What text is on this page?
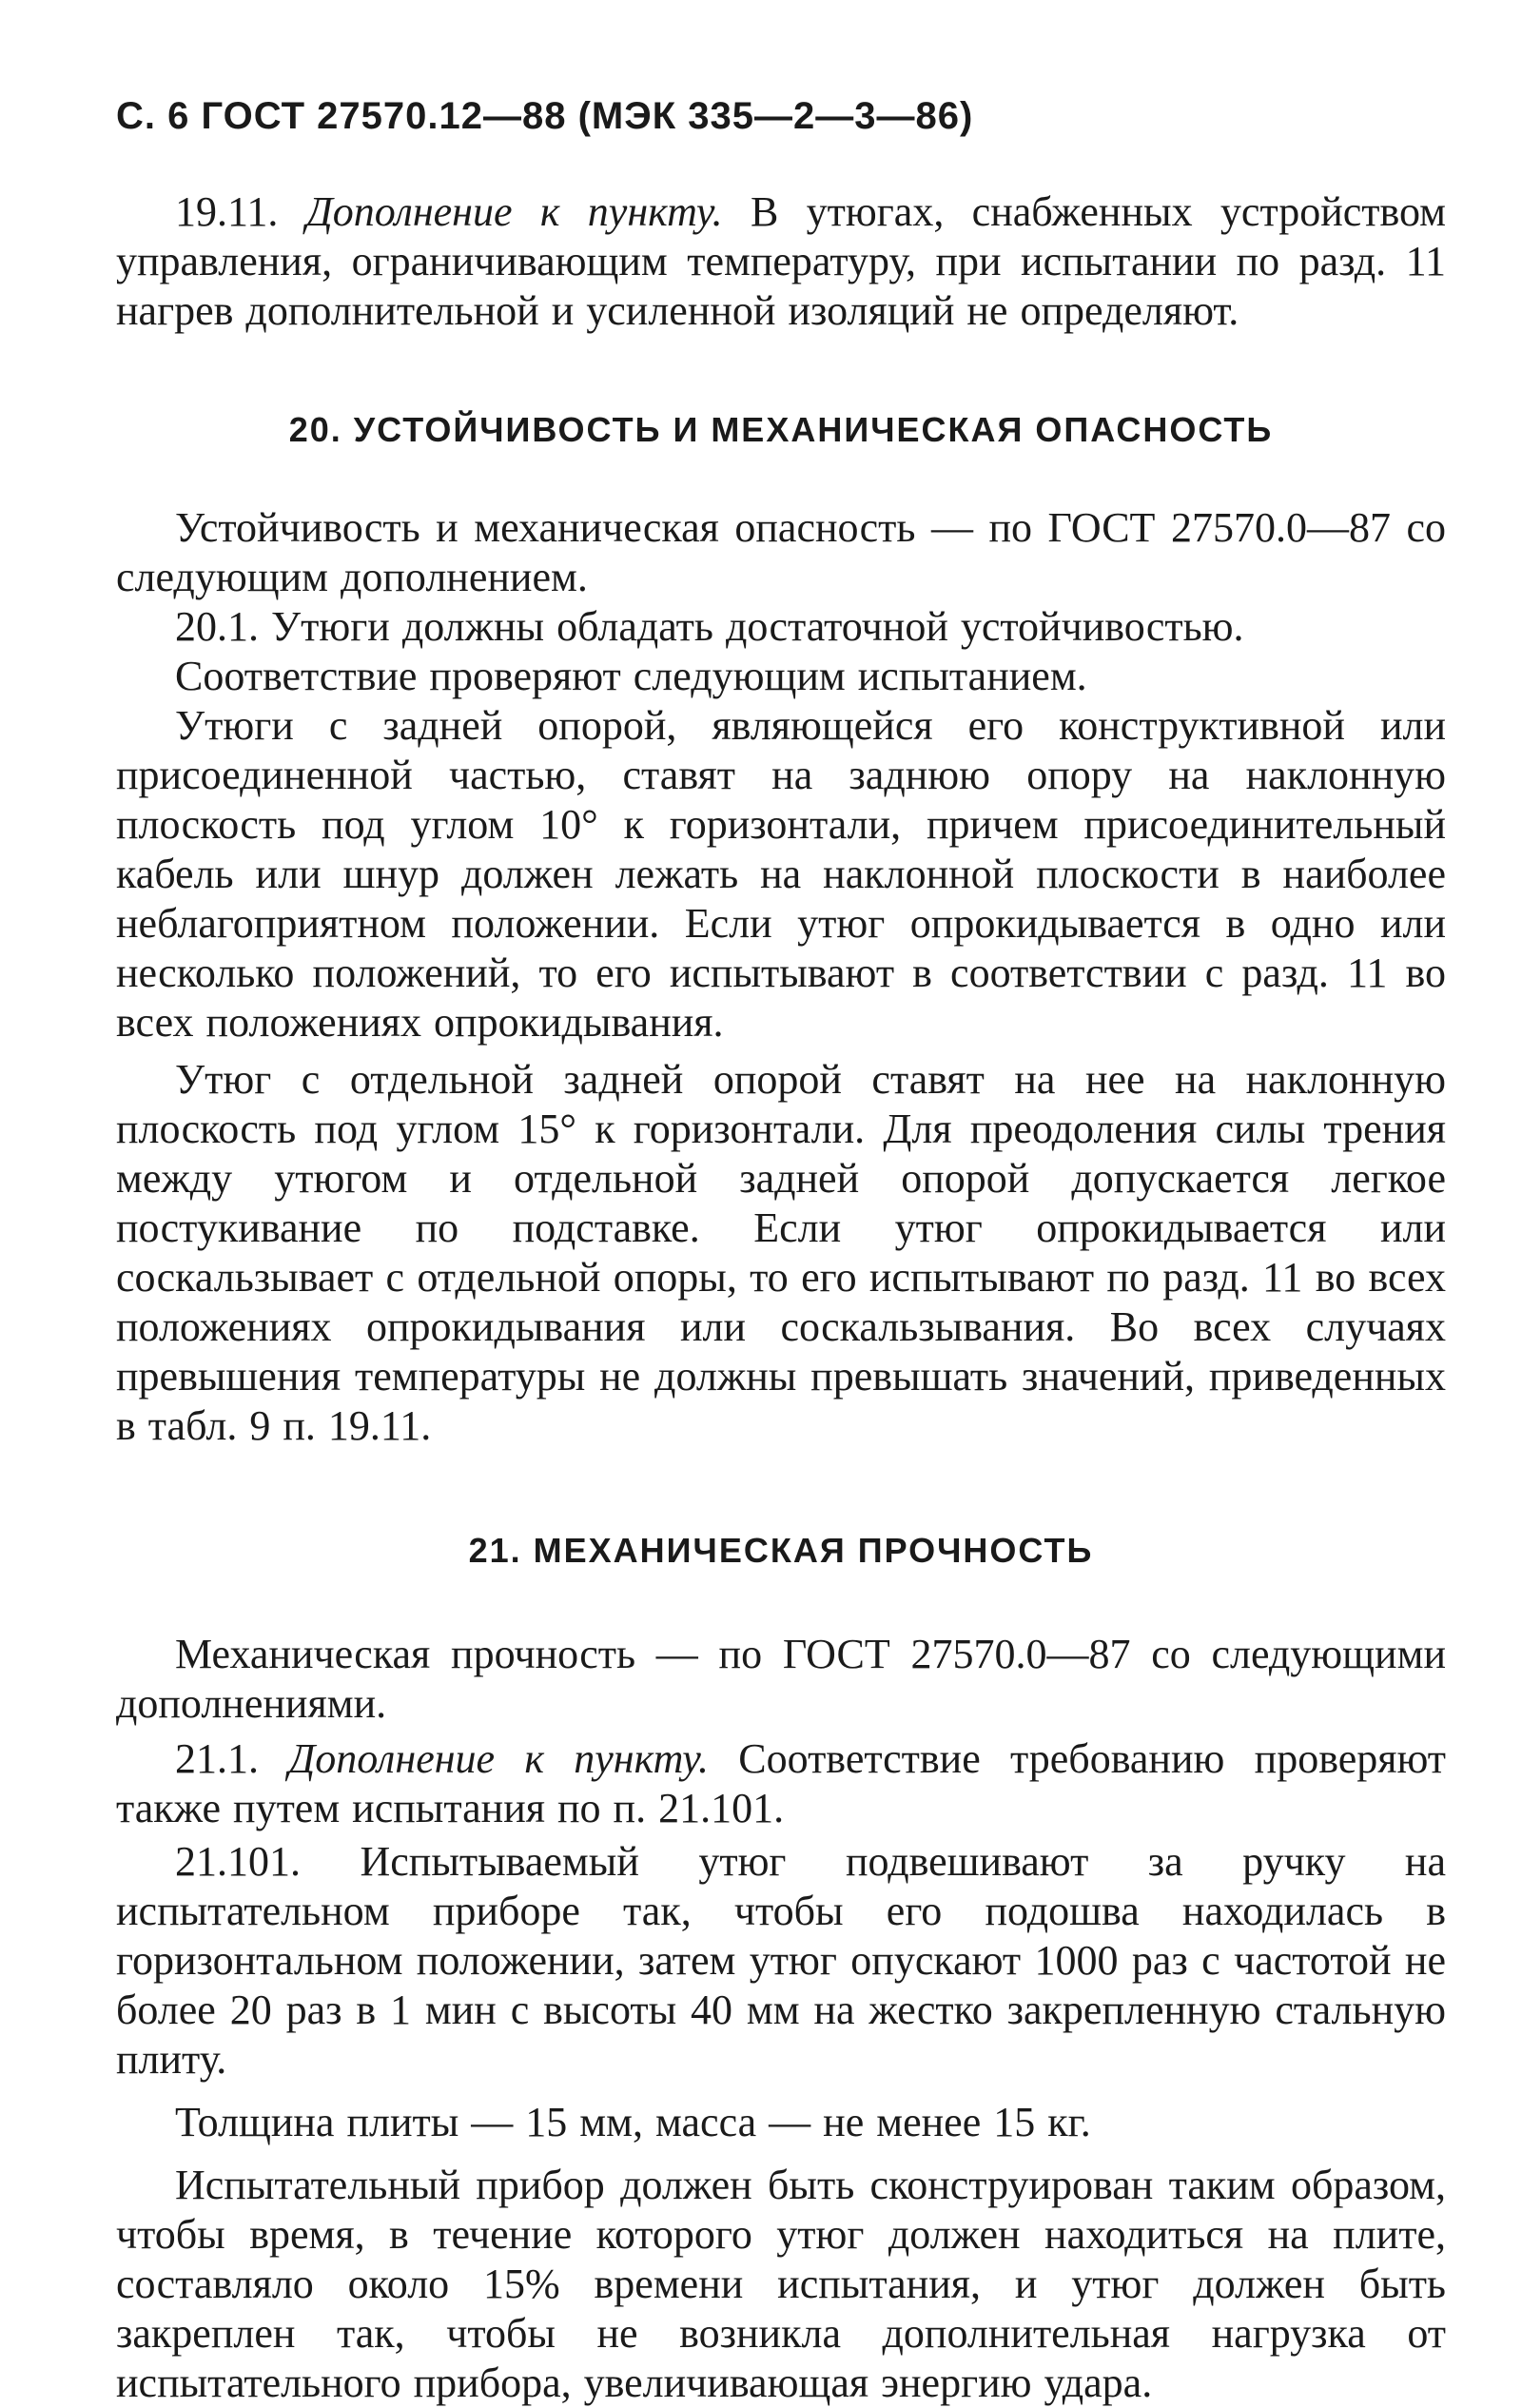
С. 6 ГОСТ 27570.12—88 (МЭК 335—2—3—86)

19.11. Дополнение к пункту. В утюгах, снабженных устройством управления, ограничивающим температуру, при испытании по разд. 11 нагрев дополнительной и усиленной изоляций не определяют.

20. УСТОЙЧИВОСТЬ И МЕХАНИЧЕСКАЯ ОПАСНОСТЬ

Устойчивость и механическая опасность — по ГОСТ 27570.0—87 со следующим дополнением.

20.1. Утюги должны обладать достаточной устойчивостью.

Соответствие проверяют следующим испытанием.

Утюги с задней опорой, являющейся его конструктивной или присоединенной частью, ставят на заднюю опору на наклонную плоскость под углом 10° к горизонтали, причем присоединительный кабель или шнур должен лежать на наклонной плоскости в наиболее неблагоприятном положении. Если утюг опрокидывается в одно или несколько положений, то его испытывают в соответствии с разд. 11 во всех положениях опрокидывания.

Утюг с отдельной задней опорой ставят на нее на наклонную плоскость под углом 15° к горизонтали. Для преодоления силы трения между утюгом и отдельной задней опорой допускается легкое постукивание по подставке. Если утюг опрокидывается или соскальзывает с отдельной опоры, то его испытывают по разд. 11 во всех положениях опрокидывания или соскальзывания. Во всех случаях превышения температуры не должны превышать значений, приведенных в табл. 9 п. 19.11.

21. МЕХАНИЧЕСКАЯ ПРОЧНОСТЬ

Механическая прочность — по ГОСТ 27570.0—87 со следующими дополнениями.

21.1. Дополнение к пункту. Соответствие требованию проверяют также путем испытания по п. 21.101.

21.101. Испытываемый утюг подвешивают за ручку на испытательном приборе так, чтобы его подошва находилась в горизонтальном положении, затем утюг опускают 1000 раз с частотой не более 20 раз в 1 мин с высоты 40 мм на жестко закрепленную стальную плиту.

Толщина плиты — 15 мм, масса — не менее 15 кг.

Испытательный прибор должен быть сконструирован таким образом, чтобы время, в течение которого утюг должен находиться на плите, составляло около 15% времени испытания, и утюг должен быть закреплен так, чтобы не возникла дополнительная нагрузка от испытательного прибора, увеличивающая энергию удара.
